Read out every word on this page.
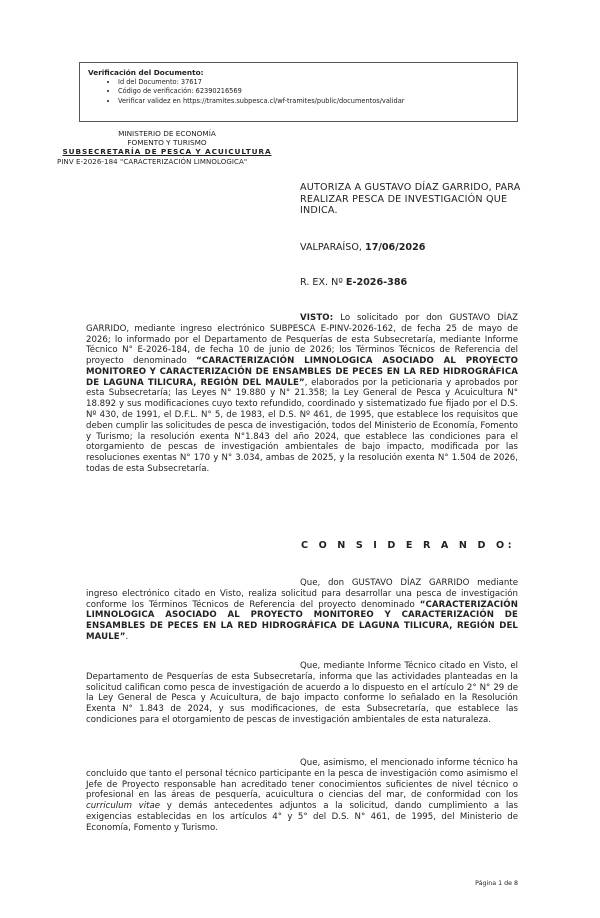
Verificación del Documento:
• Id del Documento: 37617
• Código de verificación: 62390216569
• Verificar validez en https://tramites.subpesca.cl/wf-tramites/public/documentos/validar
MINISTERIO DE ECONOMÍA
FOMENTO Y TURISMO
SUBSECRETARÍA DE PESCA Y ACUICULTURA
PINV E-2026-184 "CARACTERIZACIÓN LIMNOLOGICA"
AUTORIZA A GUSTAVO DÍAZ GARRIDO, PARA REALIZAR PESCA DE INVESTIGACIÓN QUE INDICA.
VALPARAÍSO, 17/06/2026
R. EX. Nº E-2026-386
VISTO: Lo solicitado por don GUSTAVO DÍAZ GARRIDO, mediante ingreso electrónico SUBPESCA E-PINV-2026-162, de fecha 25 de mayo de 2026; lo informado por el Departamento de Pesquerías de esta Subsecretaría, mediante Informe Técnico N° E-2026-184, de fecha 10 de junio de 2026; los Términos Técnicos de Referencia del proyecto denominado “CARACTERIZACIÓN LIMNOLOGICA ASOCIADO AL PROYECTO MONITOREO Y CARACTERIZACIÓN DE ENSAMBLES DE PECES EN LA RED HIDROGRÁFICA DE LAGUNA TILICURA, REGIÓN DEL MAULE”, elaborados por la peticionaria y aprobados por esta Subsecretaría; las Leyes N° 19.880 y N° 21.358; la Ley General de Pesca y Acuicultura N° 18.892 y sus modificaciones cuyo texto refundido, coordinado y sistematizado fue fijado por el D.S. Nº 430, de 1991, el D.F.L. N° 5, de 1983, el D.S. Nº 461, de 1995, que establece los requisitos que deben cumplir las solicitudes de pesca de investigación, todos del Ministerio de Economía, Fomento y Turismo; la resolución exenta N°1.843 del año 2024, que establece las condiciones para el otorgamiento de pescas de investigación ambientales de bajo impacto, modificada por las resoluciones exentas N° 170 y N° 3.034, ambas de 2025, y la resolución exenta N° 1.504 de 2026, todas de esta Subsecretaría.
C O N S I D E R A N D O:
Que, don GUSTAVO DÍAZ GARRIDO mediante ingreso electrónico citado en Visto, realiza solicitud para desarrollar una pesca de investigación conforme los Términos Técnicos de Referencia del proyecto denominado “CARACTERIZACIÓN LIMNOLOGICA ASOCIADO AL PROYECTO MONITOREO Y CARACTERIZACIÓN DE ENSAMBLES DE PECES EN LA RED HIDROGRÁFICA DE LAGUNA TILICURA, REGIÓN DEL MAULE”.
Que, mediante Informe Técnico citado en Visto, el Departamento de Pesquerías de esta Subsecretaría, informa que las actividades planteadas en la solicitud califican como pesca de investigación de acuerdo a lo dispuesto en el artículo 2° N° 29 de la Ley General de Pesca y Acuicultura, de bajo impacto conforme lo señalado en la Resolución Exenta N° 1.843 de 2024, y sus modificaciones, de esta Subsecretaría, que establece las condiciones para el otorgamiento de pescas de investigación ambientales de esta naturaleza.
Que, asimismo, el mencionado informe técnico ha concluido que tanto el personal técnico participante en la pesca de investigación como asimismo el Jefe de Proyecto responsable han acreditado tener conocimientos suficientes de nivel técnico o profesional en las áreas de pesquería, acuicultura o ciencias del mar, de conformidad con los curriculum vitae y demás antecedentes adjuntos a la solicitud, dando cumplimiento a las exigencias establecidas en los artículos 4° y 5° del D.S. N° 461, de 1995, del Ministerio de Economía, Fomento y Turismo.
Página 1 de 8
